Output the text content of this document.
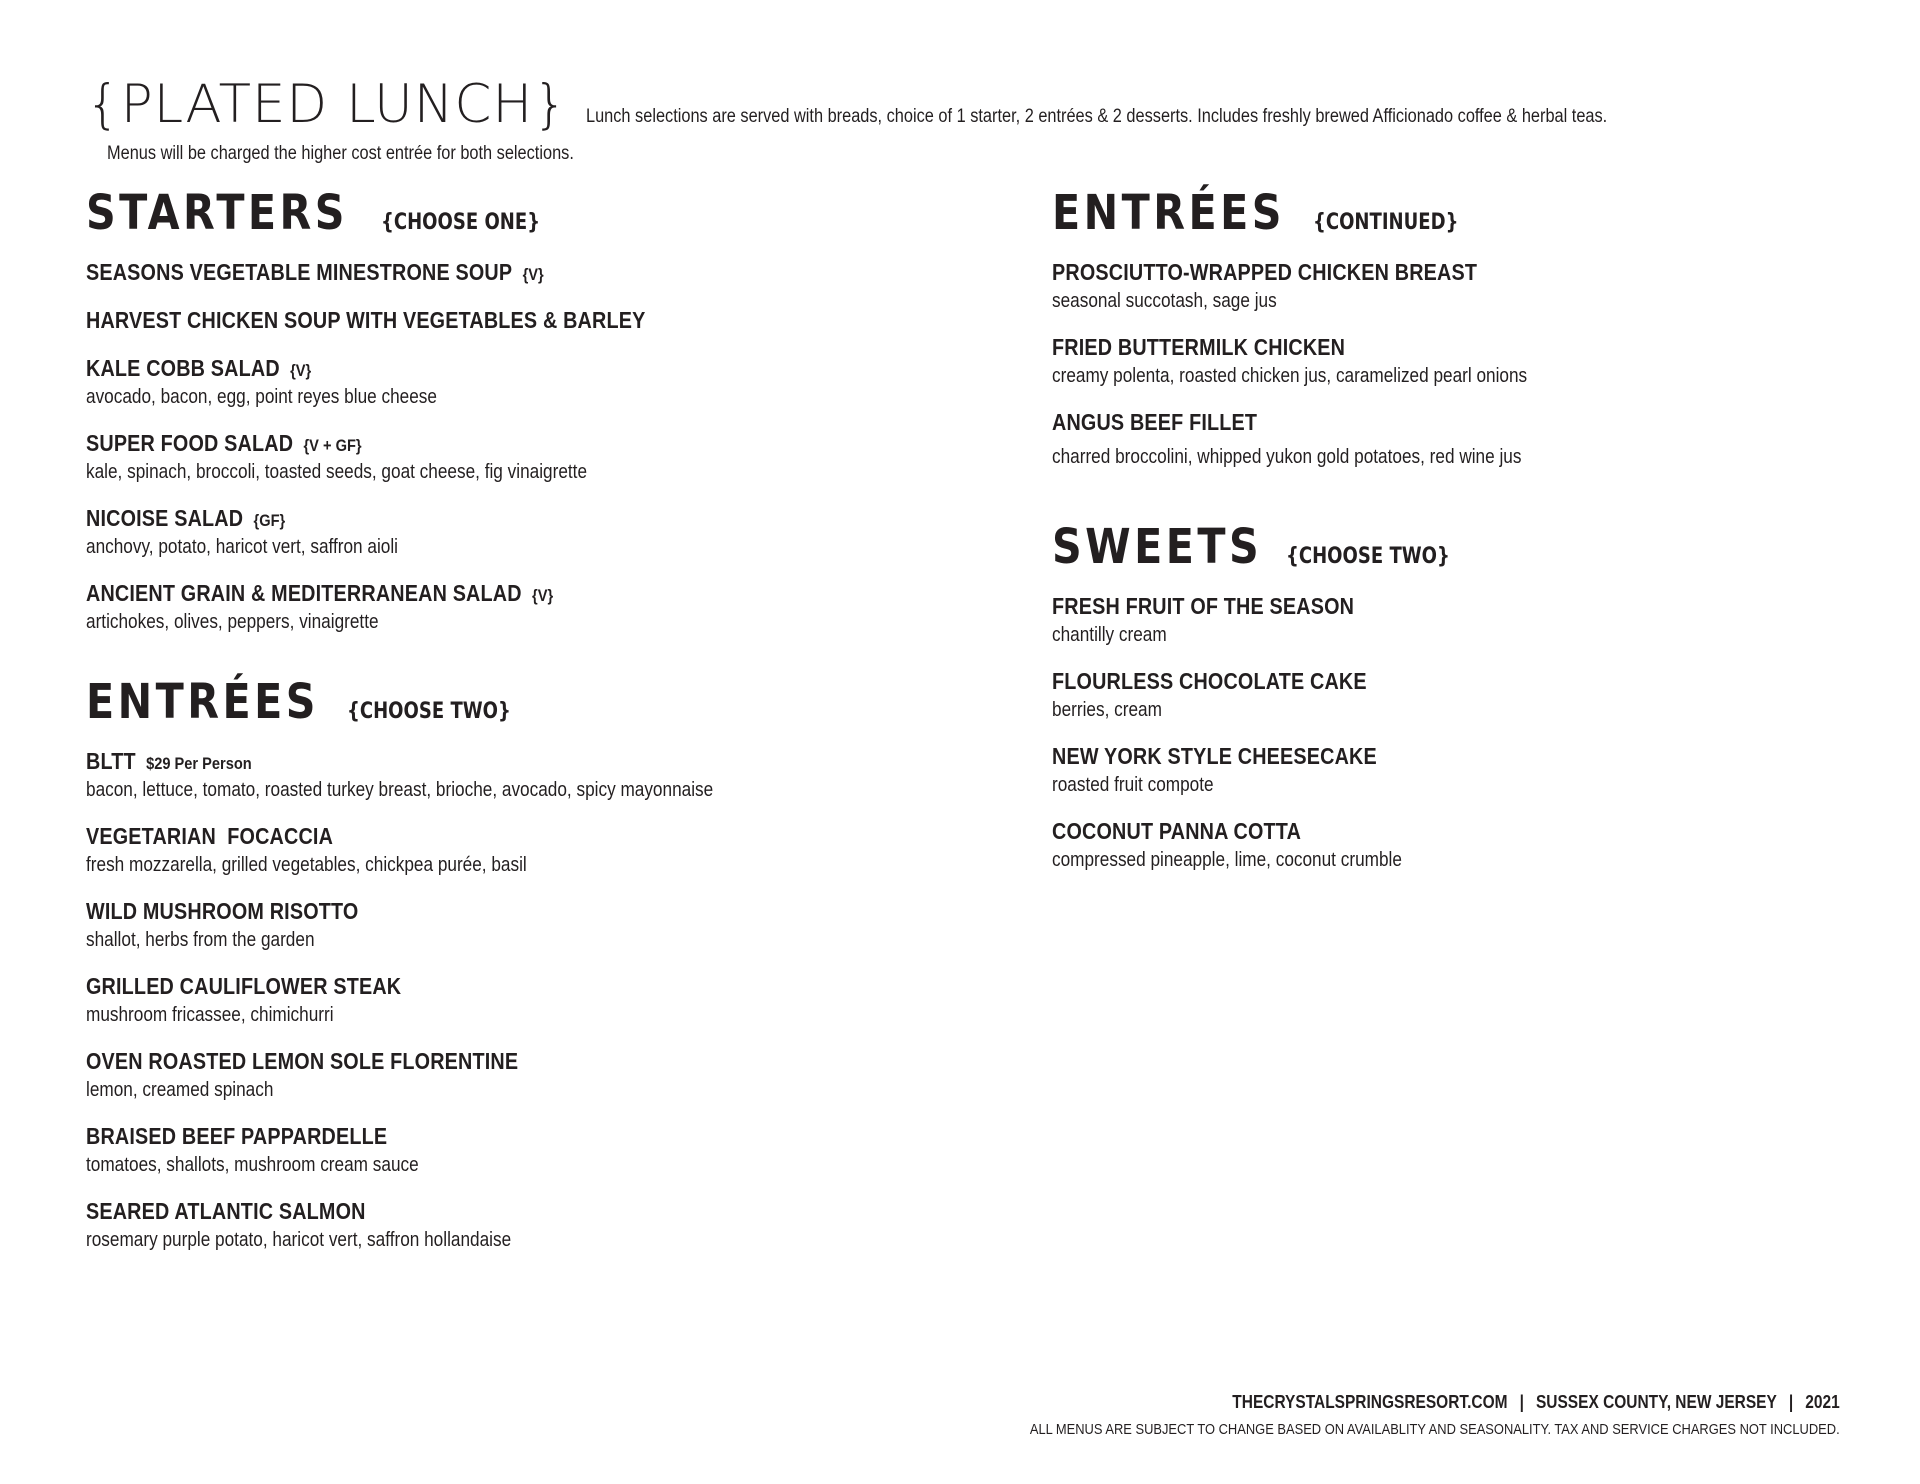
{PLATED LUNCH} Lunch selections are served with breads, choice of 1 starter, 2 entrées & 2 desserts. Includes freshly brewed Afficionado coffee & herbal teas.
Menus will be charged the higher cost entrée for both selections.
STARTERS {CHOOSE ONE}
SEASONS VEGETABLE MINESTRONE SOUP {V}
HARVEST CHICKEN SOUP WITH VEGETABLES & BARLEY
KALE COBB SALAD {V}
avocado, bacon, egg, point reyes blue cheese
SUPER FOOD SALAD {V + GF}
kale, spinach, broccoli, toasted seeds, goat cheese, fig vinaigrette
NICOISE SALAD {GF}
anchovy, potato, haricot vert, saffron aioli
ANCIENT GRAIN & MEDITERRANEAN SALAD {V}
artichokes, olives, peppers, vinaigrette
ENTRÉES {CHOOSE TWO}
BLTT $29 Per Person
bacon, lettuce, tomato, roasted turkey breast, brioche, avocado, spicy mayonnaise
VEGETARIAN  FOCACCIA
fresh mozzarella, grilled vegetables, chickpea purée, basil
WILD MUSHROOM RISOTTO
shallot, herbs from the garden
GRILLED CAULIFLOWER STEAK
mushroom fricassee, chimichurri
OVEN ROASTED LEMON SOLE FLORENTINE
lemon, creamed spinach
BRAISED BEEF PAPPARDELLE
tomatoes, shallots, mushroom cream sauce
SEARED ATLANTIC SALMON
rosemary purple potato, haricot vert, saffron hollandaise
ENTRÉES {CONTINUED}
PROSCIUTTO-WRAPPED CHICKEN BREAST
seasonal succotash, sage jus
FRIED BUTTERMILK CHICKEN
creamy polenta, roasted chicken jus, caramelized pearl onions
ANGUS BEEF FILLET
charred broccolini, whipped yukon gold potatoes, red wine jus
SWEETS {CHOOSE TWO}
FRESH FRUIT OF THE SEASON
chantilly cream
FLOURLESS CHOCOLATE CAKE
berries, cream
NEW YORK STYLE CHEESECAKE
roasted fruit compote
COCONUT PANNA COTTA
compressed pineapple, lime, coconut crumble
THECRYSTALSPRINGSRESORT.COM | SUSSEX COUNTY, NEW JERSEY | 2021
ALL MENUS ARE SUBJECT TO CHANGE BASED ON AVAILABLITY AND SEASONALITY. TAX AND SERVICE CHARGES NOT INCLUDED.
